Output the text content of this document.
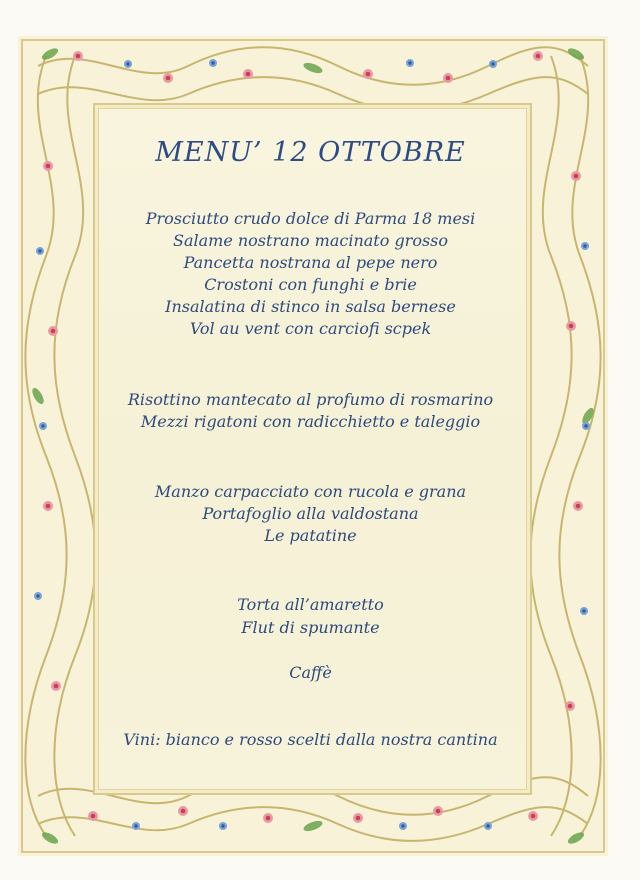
MENU’ 12 OTTOBRE
Prosciutto crudo dolce di Parma 18 mesi
Salame nostrano macinato grosso
Pancetta nostrana al pepe nero
Crostoni con funghi e brie
Insalatina di stinco in salsa bernese
Vol au vent con carciofi scpek
Risottino mantecato al profumo di rosmarino
Mezzi rigatoni con radicchietto e taleggio
Manzo carpacciato con rucola e grana
Portafoglio alla valdostana
Le patatine
Torta all’amaretto
Flut di spumante
Caffè
Vini: bianco e rosso scelti dalla nostra cantina
